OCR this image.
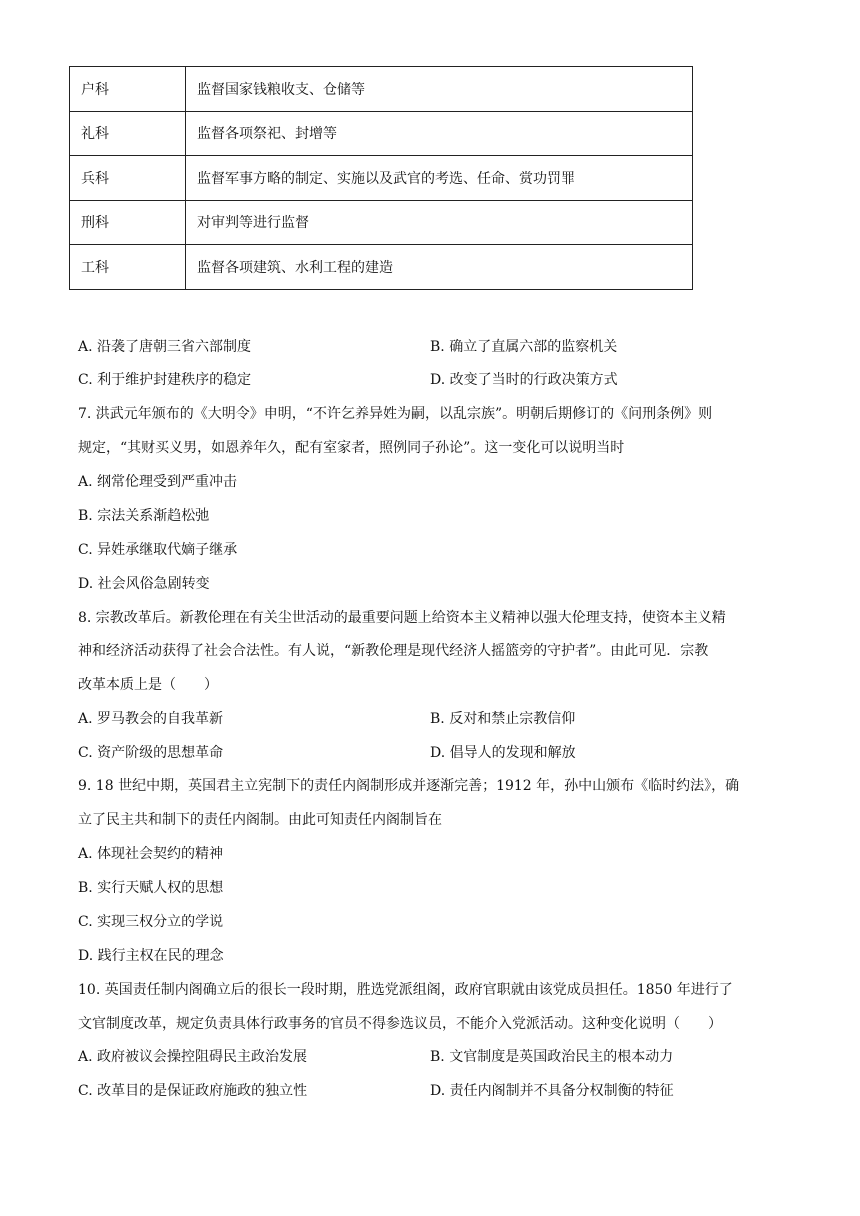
户科	监督国家钱粮收支、仓储等
礼科	监督各项祭祀、封增等
兵科	监督军事方略的制定、实施以及武官的考选、任命、赏功罚罪
刑科	对审判等进行监督
工科	监督各项建筑、水利工程的建造
A. 沿袭了唐朝三省六部制度	B. 确立了直属六部的监察机关
C. 利于维护封建秩序的稳定	D. 改变了当时的行政决策方式
7. 洪武元年颁布的《大明令》申明，“不许乞养异姓为嗣，以乱宗族”。明朝后期修订的《问刑条例》则
规定，“其财买义男，如恩养年久，配有室家者，照例同子孙论”。这一变化可以说明当时
A. 纲常伦理受到严重冲击
B. 宗法关系渐趋松弛
C. 异姓承继取代嫡子继承
D. 社会风俗急剧转变
8. 宗教改革后。新教伦理在有关尘世活动的最重要问题上给资本主义精神以强大伦理支持，使资本主义精
神和经济活动获得了社会合法性。有人说，“新教伦理是现代经济人摇篮旁的守护者”。由此可见．宗教
改革本质上是（　　）
A. 罗马教会的自我革新	B. 反对和禁止宗教信仰
C. 资产阶级的思想革命	D. 倡导人的发现和解放
9. 18 世纪中期，英国君主立宪制下的责任内阁制形成并逐渐完善；1912 年，孙中山颁布《临时约法》，确
立了民主共和制下的责任内阁制。由此可知责任内阁制旨在
A. 体现社会契约的精神
B. 实行天赋人权的思想
C. 实现三权分立的学说
D. 践行主权在民的理念
10. 英国责任制内阁确立后的很长一段时期，胜选党派组阁，政府官职就由该党成员担任。1850 年进行了
文官制度改革，规定负责具体行政事务的官员不得参选议员，不能介入党派活动。这种变化说明（　　）
A. 政府被议会操控阻碍民主政治发展	B. 文官制度是英国政治民主的根本动力
C. 改革目的是保证政府施政的独立性	D. 责任内阁制并不具备分权制衡的特征
